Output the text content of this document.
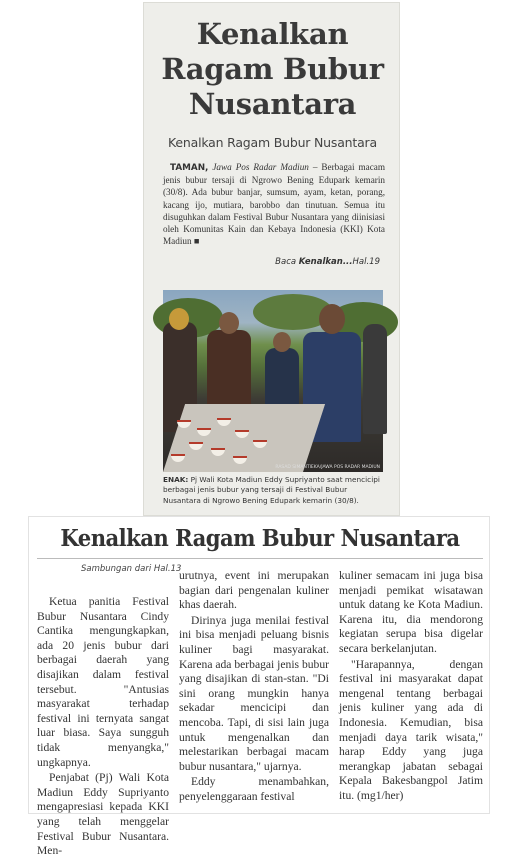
Kenalkan
Ragam Bubur
Nusantara
Kenalkan Ragam Bubur Nusantara
TAMAN, Jawa Pos Radar Madiun – Berbagai macam jenis bubur tersaji di Ngrowo Bening Edupark kemarin (30/8). Ada bubur banjar, sumsum, ayam, ketan, porang, kacang ijo, mutiara, barobbo dan tinutuan. Semua itu disuguhkan dalam Festival Bubur Nusantara yang diinisiasi oleh Komunitas Kain dan Kebaya Indonesia (KKI) Kota Madiun ■
Baca Kenalkan...Hal.19
RASAD SIMANTIEKA/JAWA POS RADAR MADIUN
ENAK: Pj Wali Kota Madiun Eddy Supriyanto saat mencicipi berbagai jenis bubur yang tersaji di Festival Bubur Nusantara di Ngrowo Bening Edupark kemarin (30/8).
Kenalkan Ragam Bubur Nusantara
Sambungan dari Hal.13

Ketua panitia Festival Bubur Nusantara Cindy Cantika mengungkapkan, ada 20 jenis bubur dari berbagai daerah yang disajikan dalam festival tersebut. "Antusias masyarakat terhadap festival ini ternyata sangat luar biasa. Saya sungguh tidak menyangka," ungkapnya.

Penjabat (Pj) Wali Kota Madiun Eddy Supriyanto mengapresiasi kepada KKI yang telah menggelar Festival Bubur Nusantara. Men-

urutnya, event ini merupakan bagian dari pengenalan kuliner khas daerah.

Dirinya juga menilai festival ini bisa menjadi peluang bisnis kuliner bagi masyarakat. Karena ada berbagai jenis bubur yang disajikan di stan-stan. "Di sini orang mungkin hanya sekadar mencicipi dan mencoba. Tapi, di sisi lain juga untuk mengenalkan dan melestarikan berbagai macam bubur nusantara," ujarnya.

Eddy menambahkan, penyelenggaraan festival

kuliner semacam ini juga bisa menjadi pemikat wisatawan untuk datang ke Kota Madiun. Karena itu, dia mendorong kegiatan serupa bisa digelar secara berkelanjutan.

"Harapannya, dengan festival ini masyarakat dapat mengenal tentang berbagai jenis kuliner yang ada di Indonesia. Kemudian, bisa menjadi daya tarik wisata," harap Eddy yang juga merangkap jabatan sebagai Kepala Bakesbangpol Jatim itu. (mg1/her)
